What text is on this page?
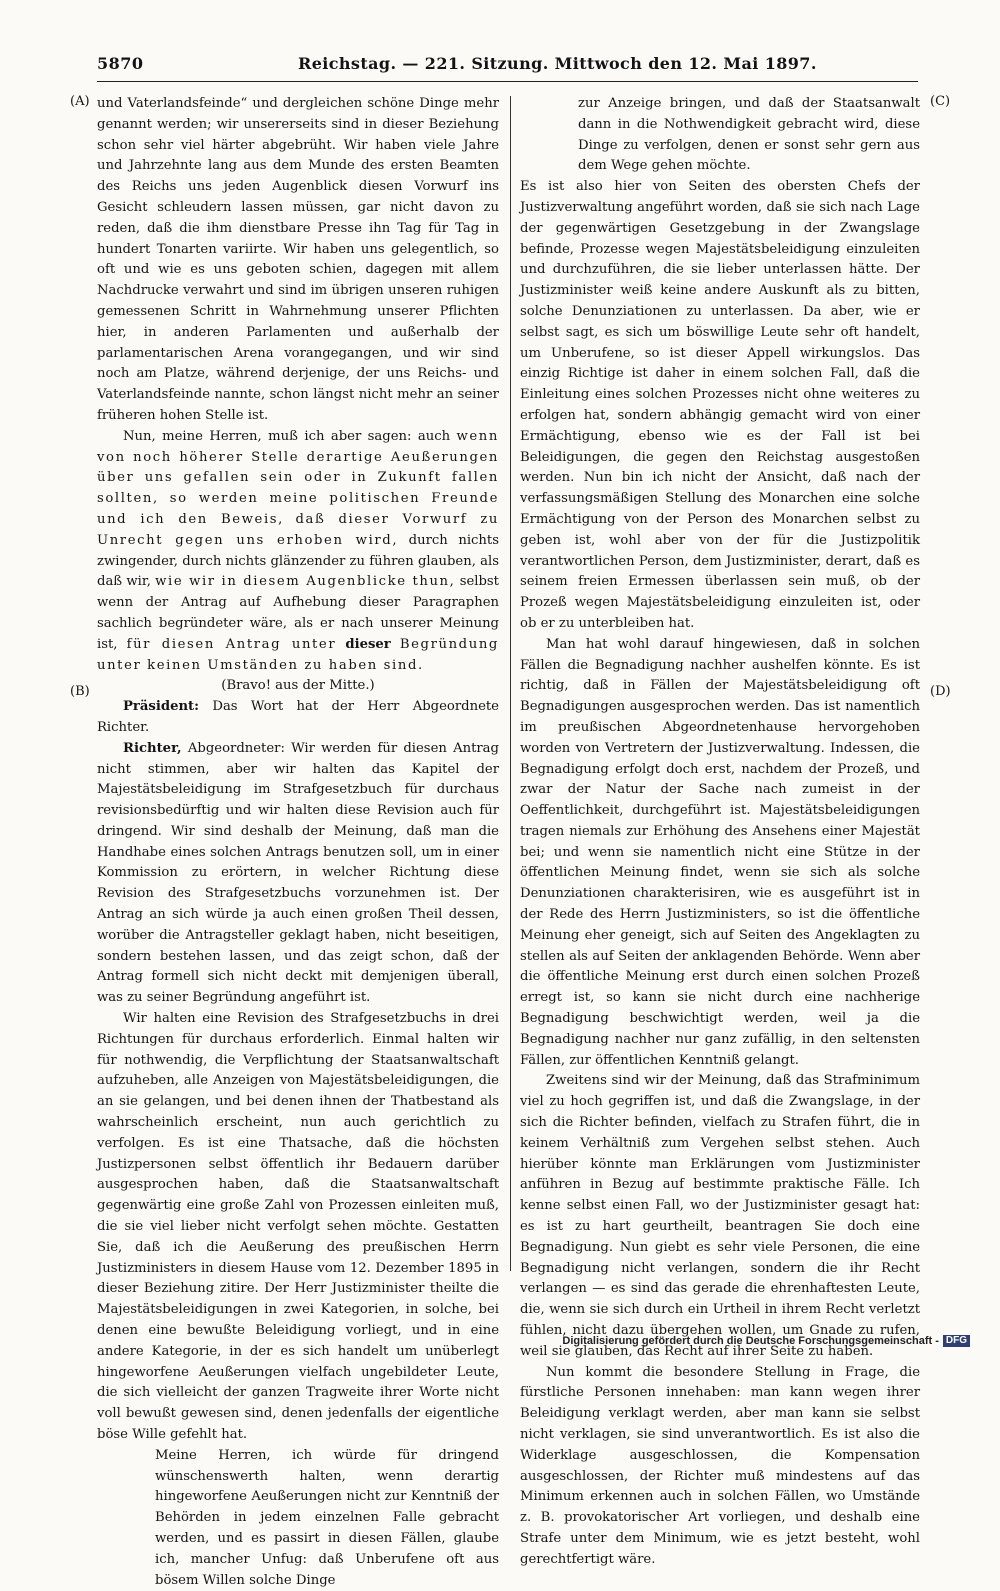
5870	Reichstag. — 221. Sitzung. Mittwoch den 12. Mai 1897.
(A)
(B)
(C)
(D)

und Vaterlandsfeinde“ und dergleichen schöne Dinge mehr genannt werden; wir unsererseits sind in dieser Beziehung schon sehr viel härter abgebrüht. Wir haben viele Jahre und Jahrzehnte lang aus dem Munde des ersten Beamten des Reichs uns jeden Augenblick diesen Vorwurf ins Gesicht schleudern lassen müssen, gar nicht davon zu reden, daß die ihm dienstbare Presse ihn Tag für Tag in hundert Tonarten variirte. Wir haben uns gelegentlich, so oft und wie es uns geboten schien, dagegen mit allem Nachdrucke verwahrt und sind im übrigen unseren ruhigen gemessenen Schritt in Wahrnehmung unserer Pflichten hier, in anderen Parlamenten und außerhalb der parlamentarischen Arena vorangegangen, und wir sind noch am Platze, während derjenige, der uns Reichs- und Vaterlandsfeinde nannte, schon längst nicht mehr an seiner früheren hohen Stelle ist.

Nun, meine Herren, muß ich aber sagen: auch wenn von noch höherer Stelle derartige Aeußerungen über uns gefallen sein oder in Zukunft fallen sollten, so werden meine politischen Freunde und ich den Beweis, daß dieser Vorwurf zu Unrecht gegen uns erhoben wird, durch nichts zwingender, durch nichts glänzender zu führen glauben, als daß wir, wie wir in diesem Augenblicke thun, selbst wenn der Antrag auf Aufhebung dieser Paragraphen sachlich begründeter wäre, als er nach unserer Meinung ist, für diesen Antrag unter dieser Begründung unter keinen Umständen zu haben sind.

(Bravo! aus der Mitte.)

Präsident: Das Wort hat der Herr Abgeordnete Richter.

Richter, Abgeordneter: Wir werden für diesen Antrag nicht stimmen, aber wir halten das Kapitel der Majestätsbeleidigung im Strafgesetzbuch für durchaus revisionsbedürftig und wir halten diese Revision auch für dringend. Wir sind deshalb der Meinung, daß man die Handhabe eines solchen Antrags benutzen soll, um in einer Kommission zu erörtern, in welcher Richtung diese Revision des Strafgesetzbuchs vorzunehmen ist. Der Antrag an sich würde ja auch einen großen Theil dessen, worüber die Antragsteller geklagt haben, nicht beseitigen, sondern bestehen lassen, und das zeigt schon, daß der Antrag formell sich nicht deckt mit demjenigen überall, was zu seiner Begründung angeführt ist.

Wir halten eine Revision des Strafgesetzbuchs in drei Richtungen für durchaus erforderlich. Einmal halten wir für nothwendig, die Verpflichtung der Staatsanwaltschaft aufzuheben, alle Anzeigen von Majestätsbeleidigungen, die an sie gelangen, und bei denen ihnen der Thatbestand als wahrscheinlich erscheint, nun auch gerichtlich zu verfolgen. Es ist eine Thatsache, daß die höchsten Justizpersonen selbst öffentlich ihr Bedauern darüber ausgesprochen haben, daß die Staatsanwaltschaft gegenwärtig eine große Zahl von Prozessen einleiten muß, die sie viel lieber nicht verfolgt sehen möchte. Gestatten Sie, daß ich die Aeußerung des preußischen Herrn Justizministers in diesem Hause vom 12. Dezember 1895 in dieser Beziehung zitire. Der Herr Justizminister theilte die Majestätsbeleidigungen in zwei Kategorien, in solche, bei denen eine bewußte Beleidigung vorliegt, und in eine andere Kategorie, in der es sich handelt um unüberlegt hingeworfene Aeußerungen vielfach ungebildeter Leute, die sich vielleicht der ganzen Tragweite ihrer Worte nicht voll bewußt gewesen sind, denen jedenfalls der eigentliche böse Wille gefehlt hat.

Meine Herren, ich würde für dringend wünschenswerth halten, wenn derartig hingeworfene Aeußerungen nicht zur Kenntniß der Behörden in jedem einzelnen Falle gebracht werden, und es passirt in diesen Fällen, glaube ich, mancher Unfug: daß Unberufene oft aus bösem Willen solche Dinge

zur Anzeige bringen, und daß der Staatsanwalt dann in die Nothwendigkeit gebracht wird, diese Dinge zu verfolgen, denen er sonst sehr gern aus dem Wege gehen möchte.

Es ist also hier von Seiten des obersten Chefs der Justizverwaltung angeführt worden, daß sie sich nach Lage der gegenwärtigen Gesetzgebung in der Zwangslage befinde, Prozesse wegen Majestätsbeleidigung einzuleiten und durchzuführen, die sie lieber unterlassen hätte. Der Justizminister weiß keine andere Auskunft als zu bitten, solche Denunziationen zu unterlassen. Da aber, wie er selbst sagt, es sich um böswillige Leute sehr oft handelt, um Unberufene, so ist dieser Appell wirkungslos. Das einzig Richtige ist daher in einem solchen Fall, daß die Einleitung eines solchen Prozesses nicht ohne weiteres zu erfolgen hat, sondern abhängig gemacht wird von einer Ermächtigung, ebenso wie es der Fall ist bei Beleidigungen, die gegen den Reichstag ausgestoßen werden. Nun bin ich nicht der Ansicht, daß nach der verfassungsmäßigen Stellung des Monarchen eine solche Ermächtigung von der Person des Monarchen selbst zu geben ist, wohl aber von der für die Justizpolitik verantwortlichen Person, dem Justizminister, derart, daß es seinem freien Ermessen überlassen sein muß, ob der Prozeß wegen Majestätsbeleidigung einzuleiten ist, oder ob er zu unterbleiben hat.

Man hat wohl darauf hingewiesen, daß in solchen Fällen die Begnadigung nachher aushelfen könnte. Es ist richtig, daß in Fällen der Majestätsbeleidigung oft Begnadigungen ausgesprochen werden. Das ist namentlich im preußischen Abgeordnetenhause hervorgehoben worden von Vertretern der Justizverwaltung. Indessen, die Begnadigung erfolgt doch erst, nachdem der Prozeß, und zwar der Natur der Sache nach zumeist in der Oeffentlichkeit, durchgeführt ist. Majestätsbeleidigungen tragen niemals zur Erhöhung des Ansehens einer Majestät bei; und wenn sie namentlich nicht eine Stütze in der öffentlichen Meinung findet, wenn sie sich als solche Denunziationen charakterisiren, wie es ausgeführt ist in der Rede des Herrn Justizministers, so ist die öffentliche Meinung eher geneigt, sich auf Seiten des Angeklagten zu stellen als auf Seiten der anklagenden Behörde. Wenn aber die öffentliche Meinung erst durch einen solchen Prozeß erregt ist, so kann sie nicht durch eine nachherige Begnadigung beschwichtigt werden, weil ja die Begnadigung nachher nur ganz zufällig, in den seltensten Fällen, zur öffentlichen Kenntniß gelangt.

Zweitens sind wir der Meinung, daß das Strafminimum viel zu hoch gegriffen ist, und daß die Zwangslage, in der sich die Richter befinden, vielfach zu Strafen führt, die in keinem Verhältniß zum Vergehen selbst stehen. Auch hierüber könnte man Erklärungen vom Justizminister anführen in Bezug auf bestimmte praktische Fälle. Ich kenne selbst einen Fall, wo der Justizminister gesagt hat: es ist zu hart geurtheilt, beantragen Sie doch eine Begnadigung. Nun giebt es sehr viele Personen, die eine Begnadigung nicht verlangen, sondern die ihr Recht verlangen — es sind das gerade die ehrenhaftesten Leute, die, wenn sie sich durch ein Urtheil in ihrem Recht verletzt fühlen, nicht dazu übergehen wollen, um Gnade zu rufen, weil sie glauben, das Recht auf ihrer Seite zu haben.

Nun kommt die besondere Stellung in Frage, die fürstliche Personen innehaben: man kann wegen ihrer Beleidigung verklagt werden, aber man kann sie selbst nicht verklagen, sie sind unverantwortlich. Es ist also die Widerklage ausgeschlossen, die Kompensation ausgeschlossen, der Richter muß mindestens auf das Minimum erkennen auch in solchen Fällen, wo Umstände z. B. provokatorischer Art vorliegen, und deshalb eine Strafe unter dem Minimum, wie es jetzt besteht, wohl gerechtfertigt wäre.

Digitalisierung gefördert durch die Deutsche Forschungsgemeinschaft - DFG
